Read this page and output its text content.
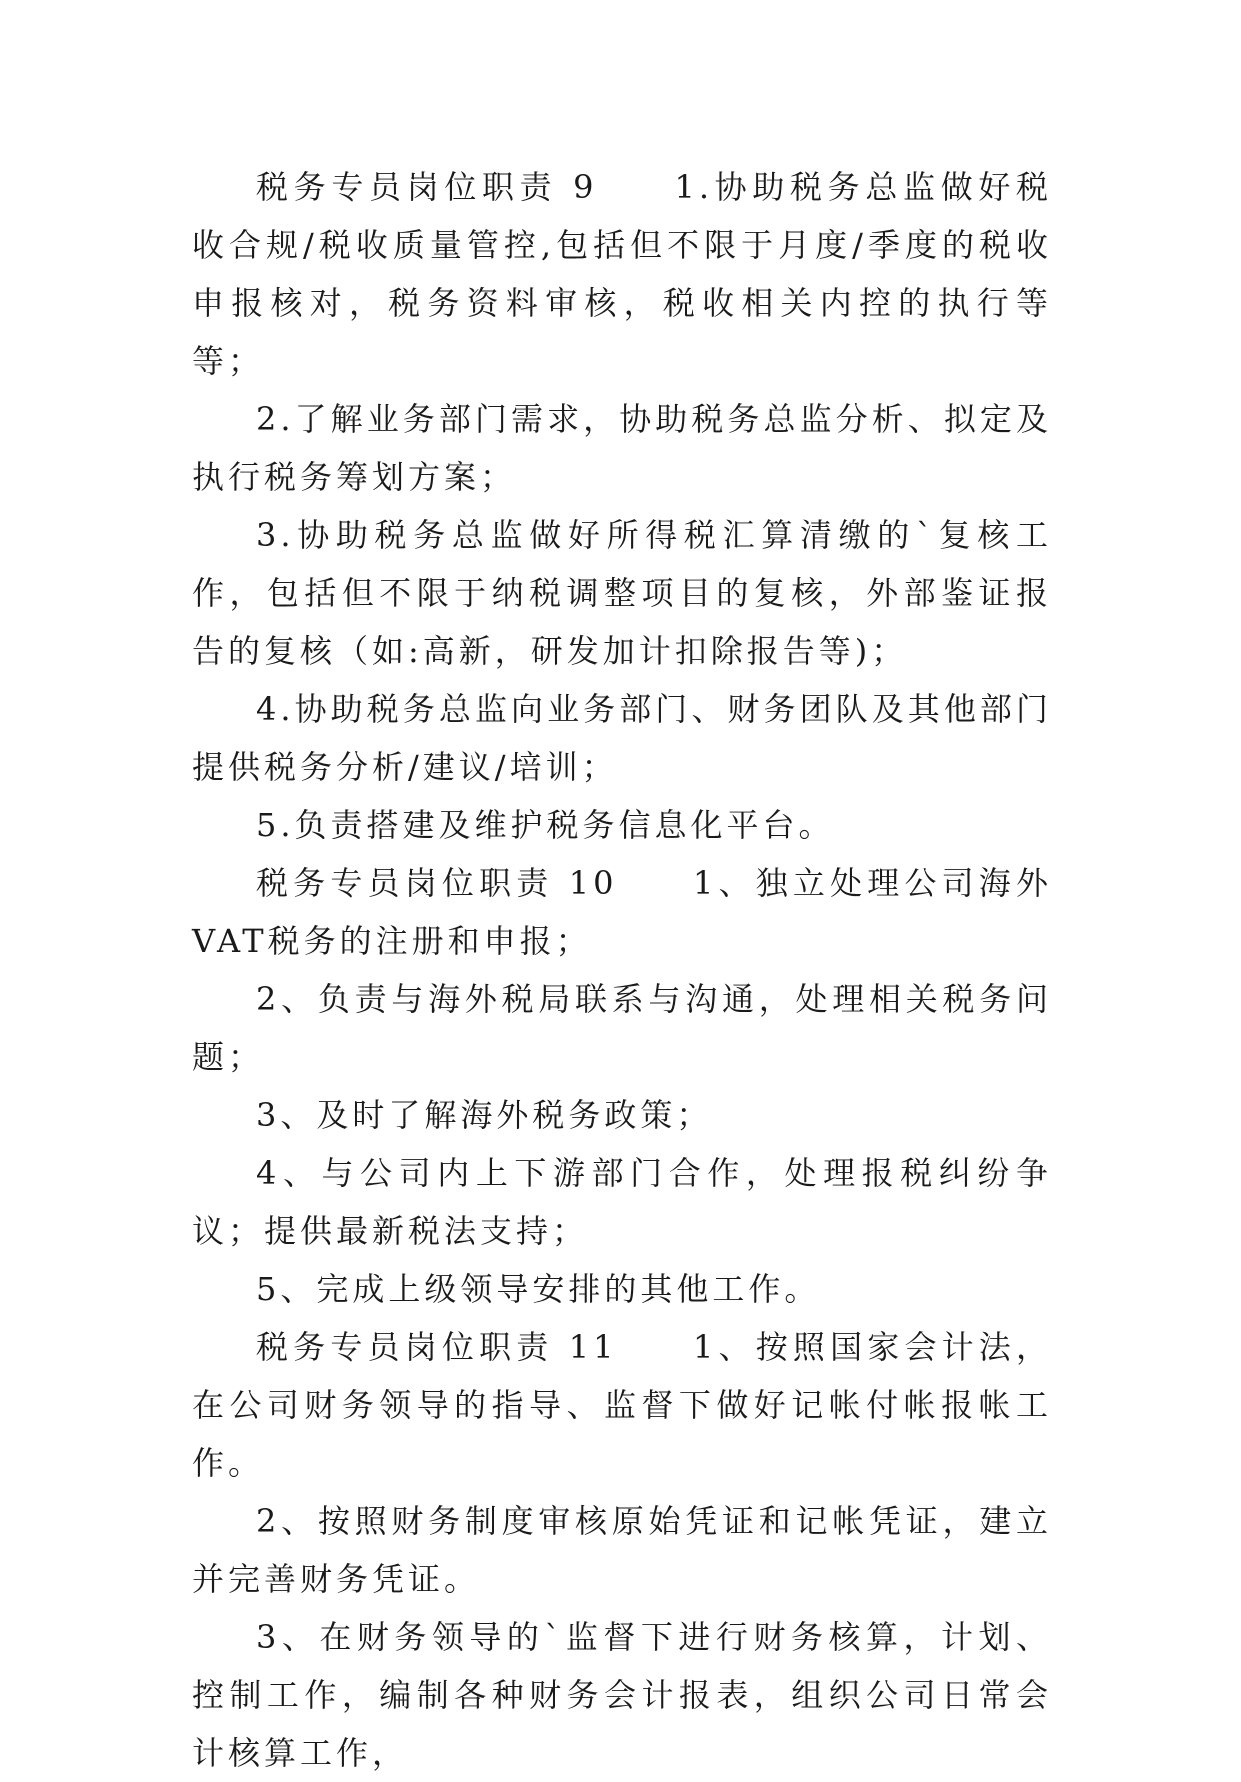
税务专员岗位职责 9　　1.协助税务总监做好税收合规/税收质量管控,包括但不限于月度/季度的税收申报核对，税务资料审核，税收相关内控的执行等等；

2.了解业务部门需求，协助税务总监分析、拟定及执行税务筹划方案；

3.协助税务总监做好所得税汇算清缴的`复核工作，包括但不限于纳税调整项目的复核，外部鉴证报告的复核（如:高新，研发加计扣除报告等)；

4.协助税务总监向业务部门、财务团队及其他部门提供税务分析/建议/培训；

5.负责搭建及维护税务信息化平台。

税务专员岗位职责 10　　1、独立处理公司海外VAT税务的注册和申报；

2、负责与海外税局联系与沟通，处理相关税务问题；

3、及时了解海外税务政策；

4、与公司内上下游部门合作，处理报税纠纷争议；提供最新税法支持；

5、完成上级领导安排的其他工作。

税务专员岗位职责 11　　1、按照国家会计法，在公司财务领导的指导、监督下做好记帐付帐报帐工作。

2、按照财务制度审核原始凭证和记帐凭证，建立并完善财务凭证。

3、在财务领导的`监督下进行财务核算，计划、控制工作，编制各种财务会计报表，组织公司日常会计核算工作，
